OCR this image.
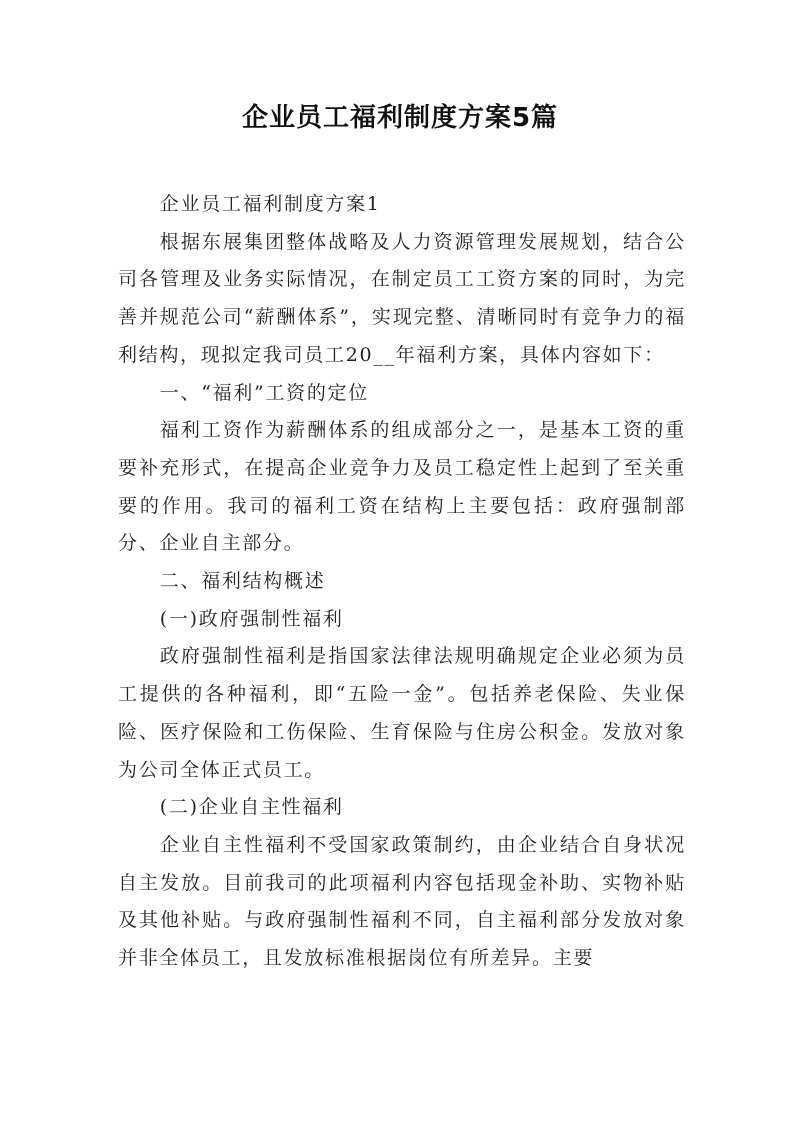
企业员工福利制度方案5篇

企业员工福利制度方案1

根据东展集团整体战略及人力资源管理发展规划，结合公司各管理及业务实际情况，在制定员工工资方案的同时，为完善并规范公司“薪酬体系”，实现完整、清晰同时有竞争力的福利结构，现拟定我司员工20__年福利方案，具体内容如下：

一、“福利”工资的定位

福利工资作为薪酬体系的组成部分之一，是基本工资的重要补充形式，在提高企业竞争力及员工稳定性上起到了至关重要的作用。我司的福利工资在结构上主要包括：政府强制部分、企业自主部分。

二、福利结构概述

(一)政府强制性福利

政府强制性福利是指国家法律法规明确规定企业必须为员工提供的各种福利，即“五险一金”。包括养老保险、失业保险、医疗保险和工伤保险、生育保险与住房公积金。发放对象为公司全体正式员工。

(二)企业自主性福利

企业自主性福利不受国家政策制约，由企业结合自身状况自主发放。目前我司的此项福利内容包括现金补助、实物补贴及其他补贴。与政府强制性福利不同，自主福利部分发放对象并非全体员工，且发放标准根据岗位有所差异。主要
